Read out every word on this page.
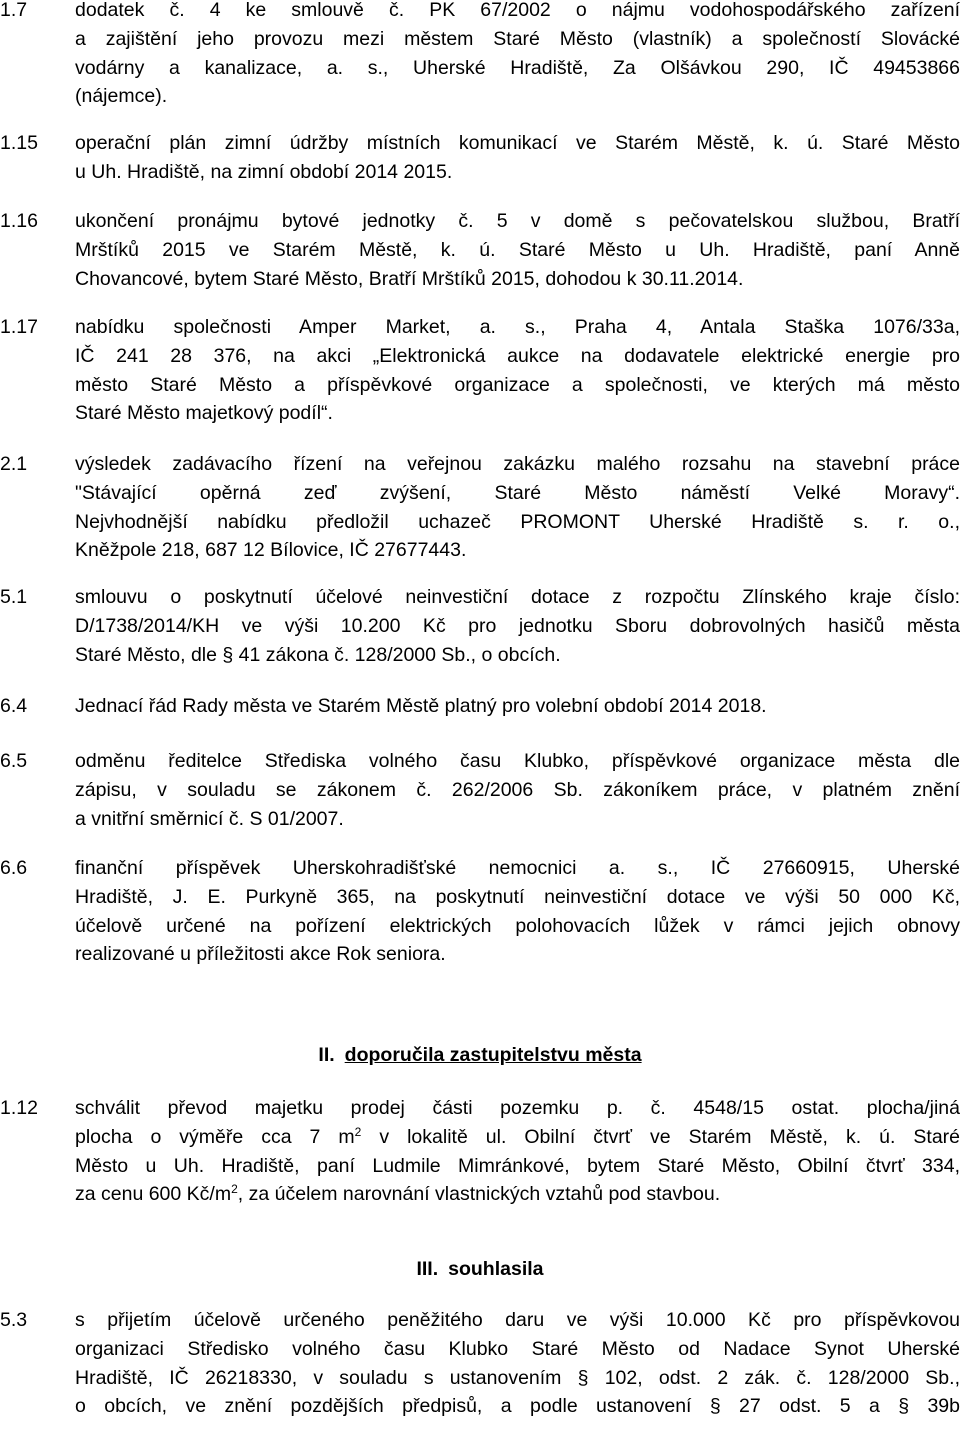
1.7 dodatek č. 4 ke smlouvě č. PK 67/2002 o nájmu vodohospodářského zařízení
a zajištění jeho provozu mezi městem Staré Město (vlastník) a společností Slovácké
vodárny a kanalizace, a. s., Uherské Hradiště, Za Olšávkou 290, IČ 49453866
(nájemce).
1.15 operační plán zimní údržby místních komunikací ve Starém Městě, k. ú. Staré Město
u Uh. Hradiště, na zimní období 2014 2015.
1.16 ukončení pronájmu bytové jednotky č. 5 v domě s pečovatelskou službou, Bratří
Mrštíků 2015 ve Starém Městě, k. ú. Staré Město u Uh. Hradiště, paní Anně
Chovancové, bytem Staré Město, Bratří Mrštíků 2015, dohodou k 30.11.2014.
1.17 nabídku společnosti Amper Market, a. s., Praha 4, Antala Staška 1076/33a,
IČ 241 28 376, na akci „Elektronická aukce na dodavatele elektrické energie pro
město Staré Město a příspěvkové organizace a společnosti, ve kterých má město
Staré Město majetkový podíl“.
2.1 výsledek zadávacího řízení na veřejnou zakázku malého rozsahu na stavební práce
"Stávající opěrná zeď zvýšení, Staré Město náměstí Velké Moravy“.
Nejvhodnější nabídku předložil uchazeč PROMONT Uherské Hradiště s. r. o.,
Kněžpole 218, 687 12 Bílovice, IČ 27677443.
5.1 smlouvu o poskytnutí účelové neinvestiční dotace z rozpočtu Zlínského kraje číslo:
D/1738/2014/KH ve výši 10.200 Kč pro jednotku Sboru dobrovolných hasičů města
Staré Město, dle § 41 zákona č. 128/2000 Sb., o obcích.
6.4 Jednací řád Rady města ve Starém Městě platný pro volební období 2014 2018.
6.5 odměnu ředitelce Střediska volného času Klubko, příspěvkové organizace města dle
zápisu, v souladu se zákonem č. 262/2006 Sb. zákoníkem práce, v platném znění
a vnitřní směrnicí č. S 01/2007.
6.6 finanční příspěvek Uherskohradišťské nemocnici a. s., IČ 27660915, Uherské
Hradiště, J. E. Purkyně 365, na poskytnutí neinvestiční dotace ve výši 50 000 Kč,
účelově určené na pořízení elektrických polohovacích lůžek v rámci jejich obnovy
realizované u příležitosti akce Rok seniora.
II. doporučila zastupitelstvu města
1.12 schválit převod majetku prodej části pozemku p. č. 4548/15 ostat. plocha/jiná
plocha o výměře cca 7 $m^2$ v lokalitě ul. Obilní čtvrť ve Starém Městě, k. ú. Staré
Město u Uh. Hradiště, paní Ludmile Mimránkové, bytem Staré Město, Obilní čtvrť 334,
za cenu 600 $Kč/m^2$, za účelem narovnání vlastnických vztahů pod stavbou.
III. souhlasila
5.3 s přijetím účelově určeného peněžitého daru ve výši 10.000 Kč pro příspěvkovou
organizaci Středisko volného času Klubko Staré Město od Nadace Synot Uherské
Hradiště, IČ 26218330, v souladu s ustanovením § 102, odst. 2 zák. č. 128/2000 Sb.,
o obcích, ve znění pozdějších předpisů, a podle ustanovení § 27 odst. 5 a § 39b
